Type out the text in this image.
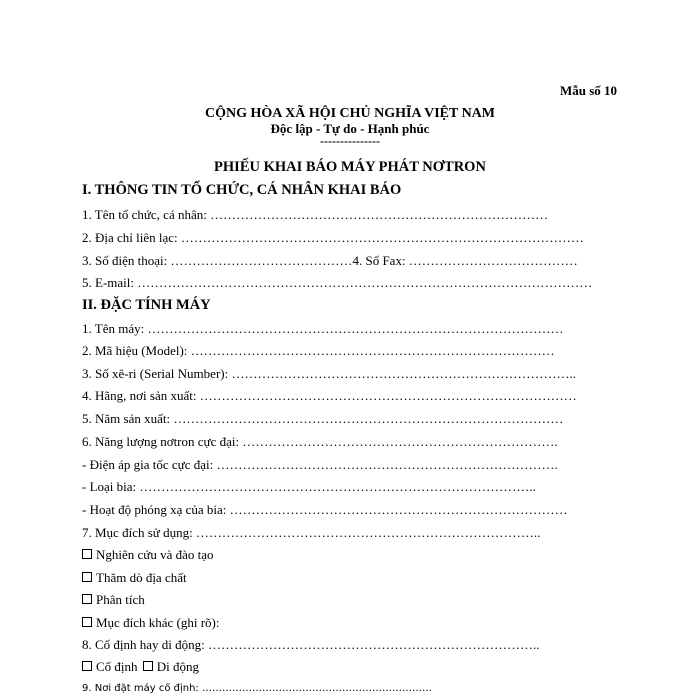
Mẫu số 10
CỘNG HÒA XÃ HỘI CHỦ NGHĨA VIỆT NAM
Độc lập - Tự do - Hạnh phúc
---------------
PHIẾU KHAI BÁO MÁY PHÁT NƠTRON
I. THÔNG TIN TỔ CHỨC, CÁ NHÂN KHAI BÁO
1. Tên tổ chức, cá nhân: ……………………………………………………………………
2. Địa chỉ liên lạc: …………………………………………………………………………………
3. Số điện thoại: ……………………………………4. Số Fax: …………………………………
5. E-mail: ……………………………………………………………………………………………
II. ĐẶC TÍNH MÁY
1. Tên máy: ……………………………………………………………………………………
2. Mã hiệu (Model): …………………………………………………………………………
3. Số xê-ri (Serial Number): ……………………………………………………………………..
4. Hãng, nơi sản xuất: ……………………………………………………………………………
5. Năm sản xuất: ………………………………………………………………………………
6. Năng lượng nơtron cực đại: ……………………………………………………………….
- Điện áp gia tốc cực đại: …………………………………………………………………….
- Loại bia: ………………………………………………………………………………..
- Hoạt độ phóng xạ của bia: ……………………………………………………………………
7. Mục đích sử dụng: ……………………………………………………………………..
Nghiên cứu và đào tạo
Thăm dò địa chất
Phân tích
Mục đích khác (ghi rõ):
8. Cố định hay di động: …………………………………………………………………..
Cố định Di động
9. Nơi đặt máy cố định: ……………………………………………………………
